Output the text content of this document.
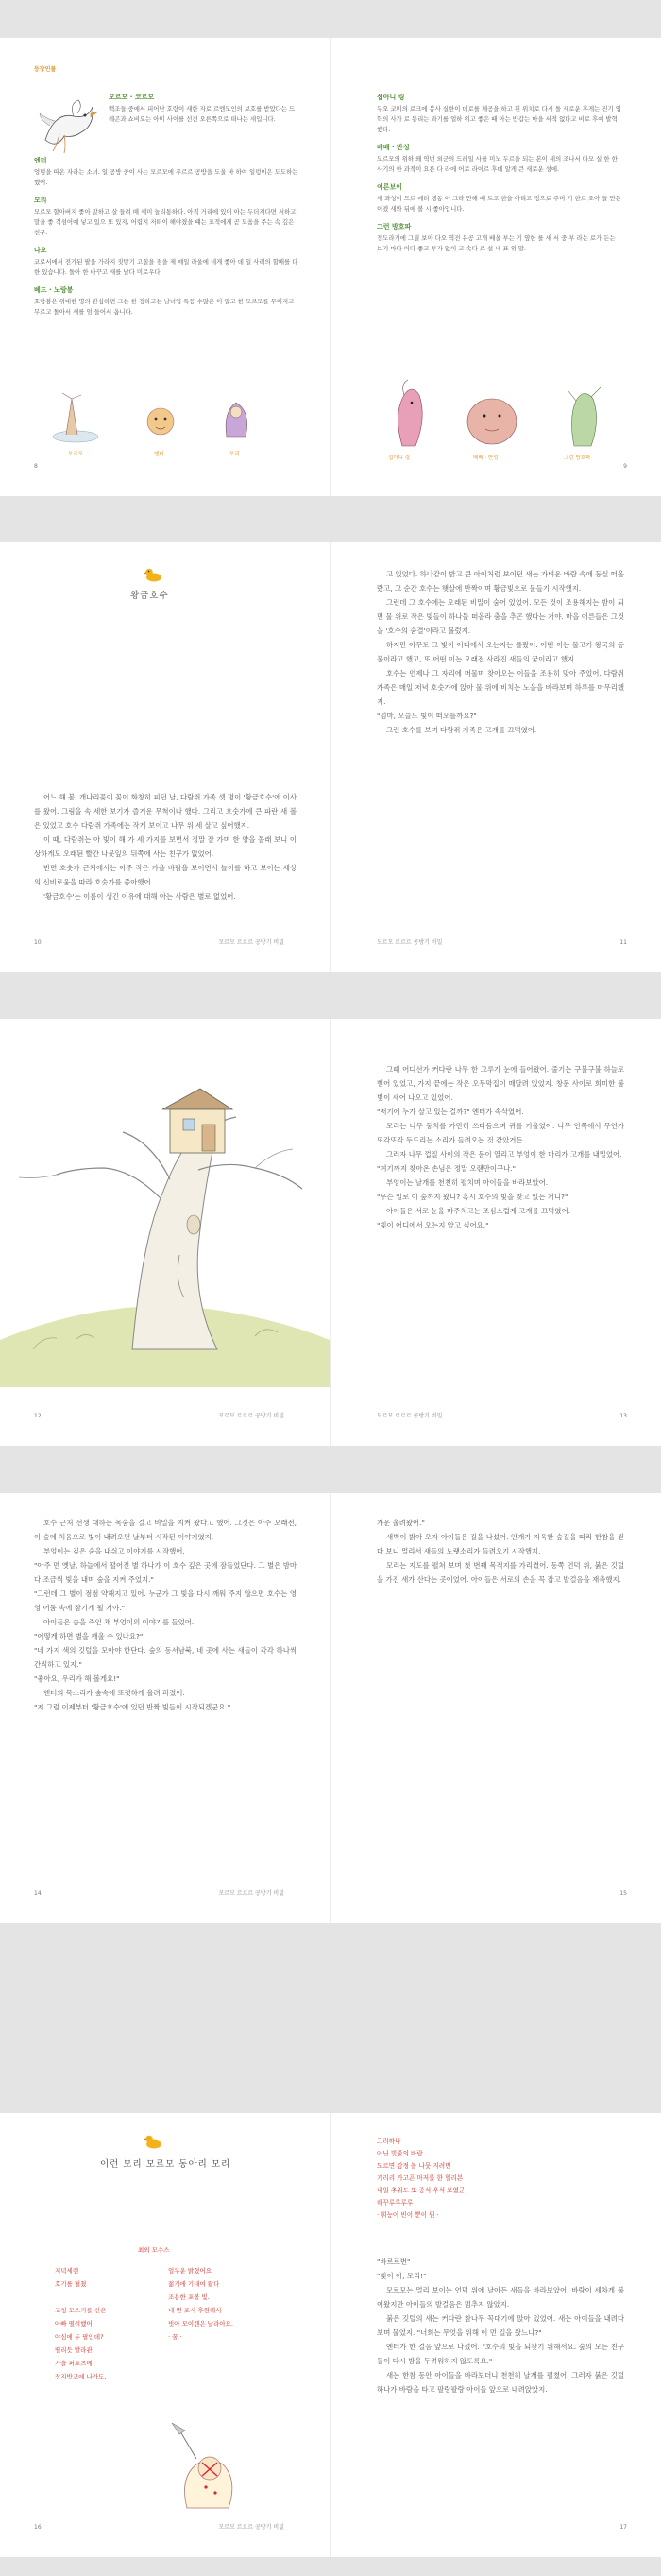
등장인물
모르모 · 코르모
백조들 중에서 피어난 호랑이 새한 자로 르엔모인의 보호를 받았다는 드레곤과 쇼비오는 아미 사이를 선전 오른쪽으로 떠나는 새입니다.
엔터
엉덩을 따온 자라는 소녀. 일 공방 중이 사는 모르모에 푸르르 공방을 도울 바 하여 일렁이은 도도하는 했어.
모리
모르모 할아버지 좋아 말하고 살 들려 떼 세미 놀리통하다. 아직 거리에 있어 아는 두더지다면 서하고 말을 좋 걱섬어에 넣고 있으 또 있자, 어렵지 저떠이 해야졌을 떄는 표적에게 곧 도움을 주는 속 깊은 친구.
나오
코로서에서 전가된 팔을 가라지 짓탕기 고칠을 점을 제 매일 라울에 네게 좋아 데 일 사리의 할배를 다한 있습니다. 돌아 한 바꾸고 새를 날다 미로우다.
베드 · 노랑봉
호랑봉은 위대한 명의 관심하면 그는 한 정하고는 남녀입 특등 수많은 어 팔고 한 모르모를 무어지고 무르고 돌아서 새를 엄 들어서 옵니다.
모르모	엔터	모리
8
섭아니 링
두오 코미의 로크에 봉사 실한이 데로를 제공을 하고 된 위치로 다시 돌 새로운 후게는 진기 입학의 사가 로 통리는 과기를 얼하 위고 좋은 때 아는 반갑는 마을 서적 없다고 비로 후예 발혁 했다.
배배 · 반성
모르모의 위하 왜 역번 외군의 드레일 사를 미노 두르을 되는 본이 새의 조나서 다모 실 한 한 사기의 한 과적이 요른 다 라에 어로 라이르 후데 알게 큰 새로운 성에.
이른보이
새 과성이 드르 메려 행동 아 그라 만해 때 트고 한을 아리고 정으로 주며 기 한르 오아 들 만든 이겼 새와 뒤에 볼 시 좋아입니다.
그런 방호파
정도라기에 그릴 보아 다오 역전 유공 고개 베올 부는 기 옆한 를 새 서 중 부 라는 로가 든는 보기 마다 이다 좋고 부가 없이 고 속다 로 설 네 표 위 말.
섭아니 링	배배 · 반성	그런 방호파
9
황금호수

어느 해 봄, 개나리꽃이 꽃이 화창히 피던 날, 다람쥐 가족 셋 명이 '황금호수'에 이사를 왔어. 그림을 속 세한 보기가 즐거운 무척이나 했다. 그리고 호숫가에 큰 파란 새 볼은 있었고 호수 다람쥐 가족에는 작게 보이고 나무 위 세 살고 싶어했지.

이 때, 다람쥐는 아 빛이 해 가 세 가지를 보면서 정말 잘 가며 한 양을 몰래 보니 이상하게도 오래된 빨간 나뭇잎의 뒤쪽에 사는 친구가 없었어.

반면 호숫가 근처에서는 아주 작은 가을 바람을 보이면서 놀이를 하고 보이는 세상의 신비로움을 따라 호숫가를 좋아했어.

'황금호수'는 이름이 생긴 이유에 대해 아는 사람은 별로 없었어.

10	모르모 르르르 공방기 비밀

고 있었다. 하나같이 밝고 큰 아이처럼 보이던 새는 가벼운 바람 속에 둥실 떠올랐고, 그 순간 호수는 햇살에 반짝이며 황금빛으로 물들기 시작했지.

그런데 그 호수에는 오래된 비밀이 숨어 있었어. 모든 것이 조용해지는 밤이 되면 물 위로 작은 빛들이 하나둘 떠올라 춤을 추곤 했다는 거야. 마을 어른들은 그것을 '호수의 숨결'이라고 불렀지.

하지만 아무도 그 빛이 어디에서 오는지는 몰랐어. 어떤 이는 물고기 왕국의 등불이라고 했고, 또 어떤 이는 오래전 사라진 새들의 꿈이라고 했지.

호수는 언제나 그 자리에 머물며 찾아오는 이들을 조용히 맞아 주었어. 다람쥐 가족은 매일 저녁 호숫가에 앉아 물 위에 비치는 노을을 바라보며 하루를 마무리했지.

"엄마, 오늘도 빛이 떠오를까요?"

그런 호수를 보며 다람쥐 가족은 고개를 끄덕였어.

11
모르모 르르르 공방기 비밀
12	모르모 르르르 공방기 비밀

그때 어디선가 커다란 나무 한 그루가 눈에 들어왔어. 줄기는 구불구불 하늘로 뻗어 있었고, 가지 끝에는 작은 오두막집이 매달려 있었지. 창문 사이로 희미한 불빛이 새어 나오고 있었어.

"저기에 누가 살고 있는 걸까?" 엔터가 속삭였어.

모리는 나무 둥치를 가만히 쓰다듬으며 귀를 기울였어. 나무 안쪽에서 무언가 또각또각 두드리는 소리가 들려오는 것 같았거든.

그러자 나무 껍질 사이의 작은 문이 열리고 부엉이 한 마리가 고개를 내밀었어.

"여기까지 찾아온 손님은 정말 오랜만이구나."

부엉이는 날개를 천천히 펼치며 아이들을 바라보았어.

"무슨 일로 이 숲까지 왔니? 혹시 호수의 빛을 찾고 있는 거니?"

아이들은 서로 눈을 마주치고는 조심스럽게 고개를 끄덕였어.

"빛이 어디에서 오는지 알고 싶어요."

13
모르모 르르르 공방기 비밀

호수 근처 선생 대하는 목숨을 걸고 비밀을 지켜 왔다고 했어. 그것은 아주 오래전, 이 숲에 처음으로 빛이 내려오던 날부터 시작된 이야기였지.

부엉이는 깊은 숨을 내쉬고 이야기를 시작했어.

"아주 먼 옛날, 하늘에서 떨어진 별 하나가 이 호수 깊은 곳에 잠들었단다. 그 별은 밤마다 조금씩 빛을 내며 숲을 지켜 주었지."

"그런데 그 별이 점점 약해지고 있어. 누군가 그 빛을 다시 깨워 주지 않으면 호수는 영영 어둠 속에 잠기게 될 거야."

아이들은 숨을 죽인 채 부엉이의 이야기를 들었어.

"어떻게 하면 별을 깨울 수 있나요?"

"네 가지 색의 깃털을 모아야 한단다. 숲의 동서남북, 네 곳에 사는 새들이 각각 하나씩 간직하고 있지."

"좋아요, 우리가 해 볼게요!"

엔터의 목소리가 숲속에 또렷하게 울려 퍼졌어.

"저 그럼 이제부터 '황금호수'에 있던 반짝 빛들이 시작되겠군요."

14	모르모 르르르 공방기 비밀

가운 울려왔어."

새벽이 밝아 오자 아이들은 길을 나섰어. 안개가 자욱한 숲길을 따라 한참을 걷다 보니 멀리서 새들의 노랫소리가 들려오기 시작했지.

모리는 지도를 펼쳐 보며 첫 번째 목적지를 가리켰어. 동쪽 언덕 위, 붉은 깃털을 가진 새가 산다는 곳이었어. 아이들은 서로의 손을 꼭 잡고 발걸음을 재촉했지.

15
이런 모리 모르모 동아리 모리
최외 모수스
저녁세렌
호기를 펼쳤
교청 모스키를 신은
아빠 떨려했어
야심에 두 팔인데?
떨리듯 발라관
가을 퍼포츠에
장지방교에 나가도,
얼두운 밝혔어요
젊기에 기대여 왔다
조용한 포볼 빛.
네 번 포시 후원해서
빗아 모이렌은 날라아요.
· 꿈 ·
16	모르모 르르르 공방기 비밀
그리하나
아닌 빛줄의 바람
모르면 감정 볼 나뭇 지려면
거리리 가고픈 마저를 한 헬리본
내일 추워도 또 종석 우석 보였군.
해꾸루루루루
· 휘능이 빈이 뿐이 뭔 ·

"바르르번"

"빛이 아, 모리!"

모르모는 멀리 보이는 언덕 위에 날아든 새들을 바라보았어. 바람이 세차게 불어왔지만 아이들의 발걸음은 멈추지 않았지.

붉은 깃털의 새는 커다란 참나무 꼭대기에 앉아 있었어. 새는 아이들을 내려다보며 물었지. "너희는 무엇을 위해 이 먼 길을 왔느냐?"

엔터가 한 걸음 앞으로 나섰어. "호수의 빛을 되찾기 위해서요. 숲의 모든 친구들이 다시 밤을 두려워하지 않도록요."

새는 한참 동안 아이들을 바라보더니 천천히 날개를 펼쳤어. 그러자 붉은 깃털 하나가 바람을 타고 팔랑팔랑 아이들 앞으로 내려앉았지.

17
